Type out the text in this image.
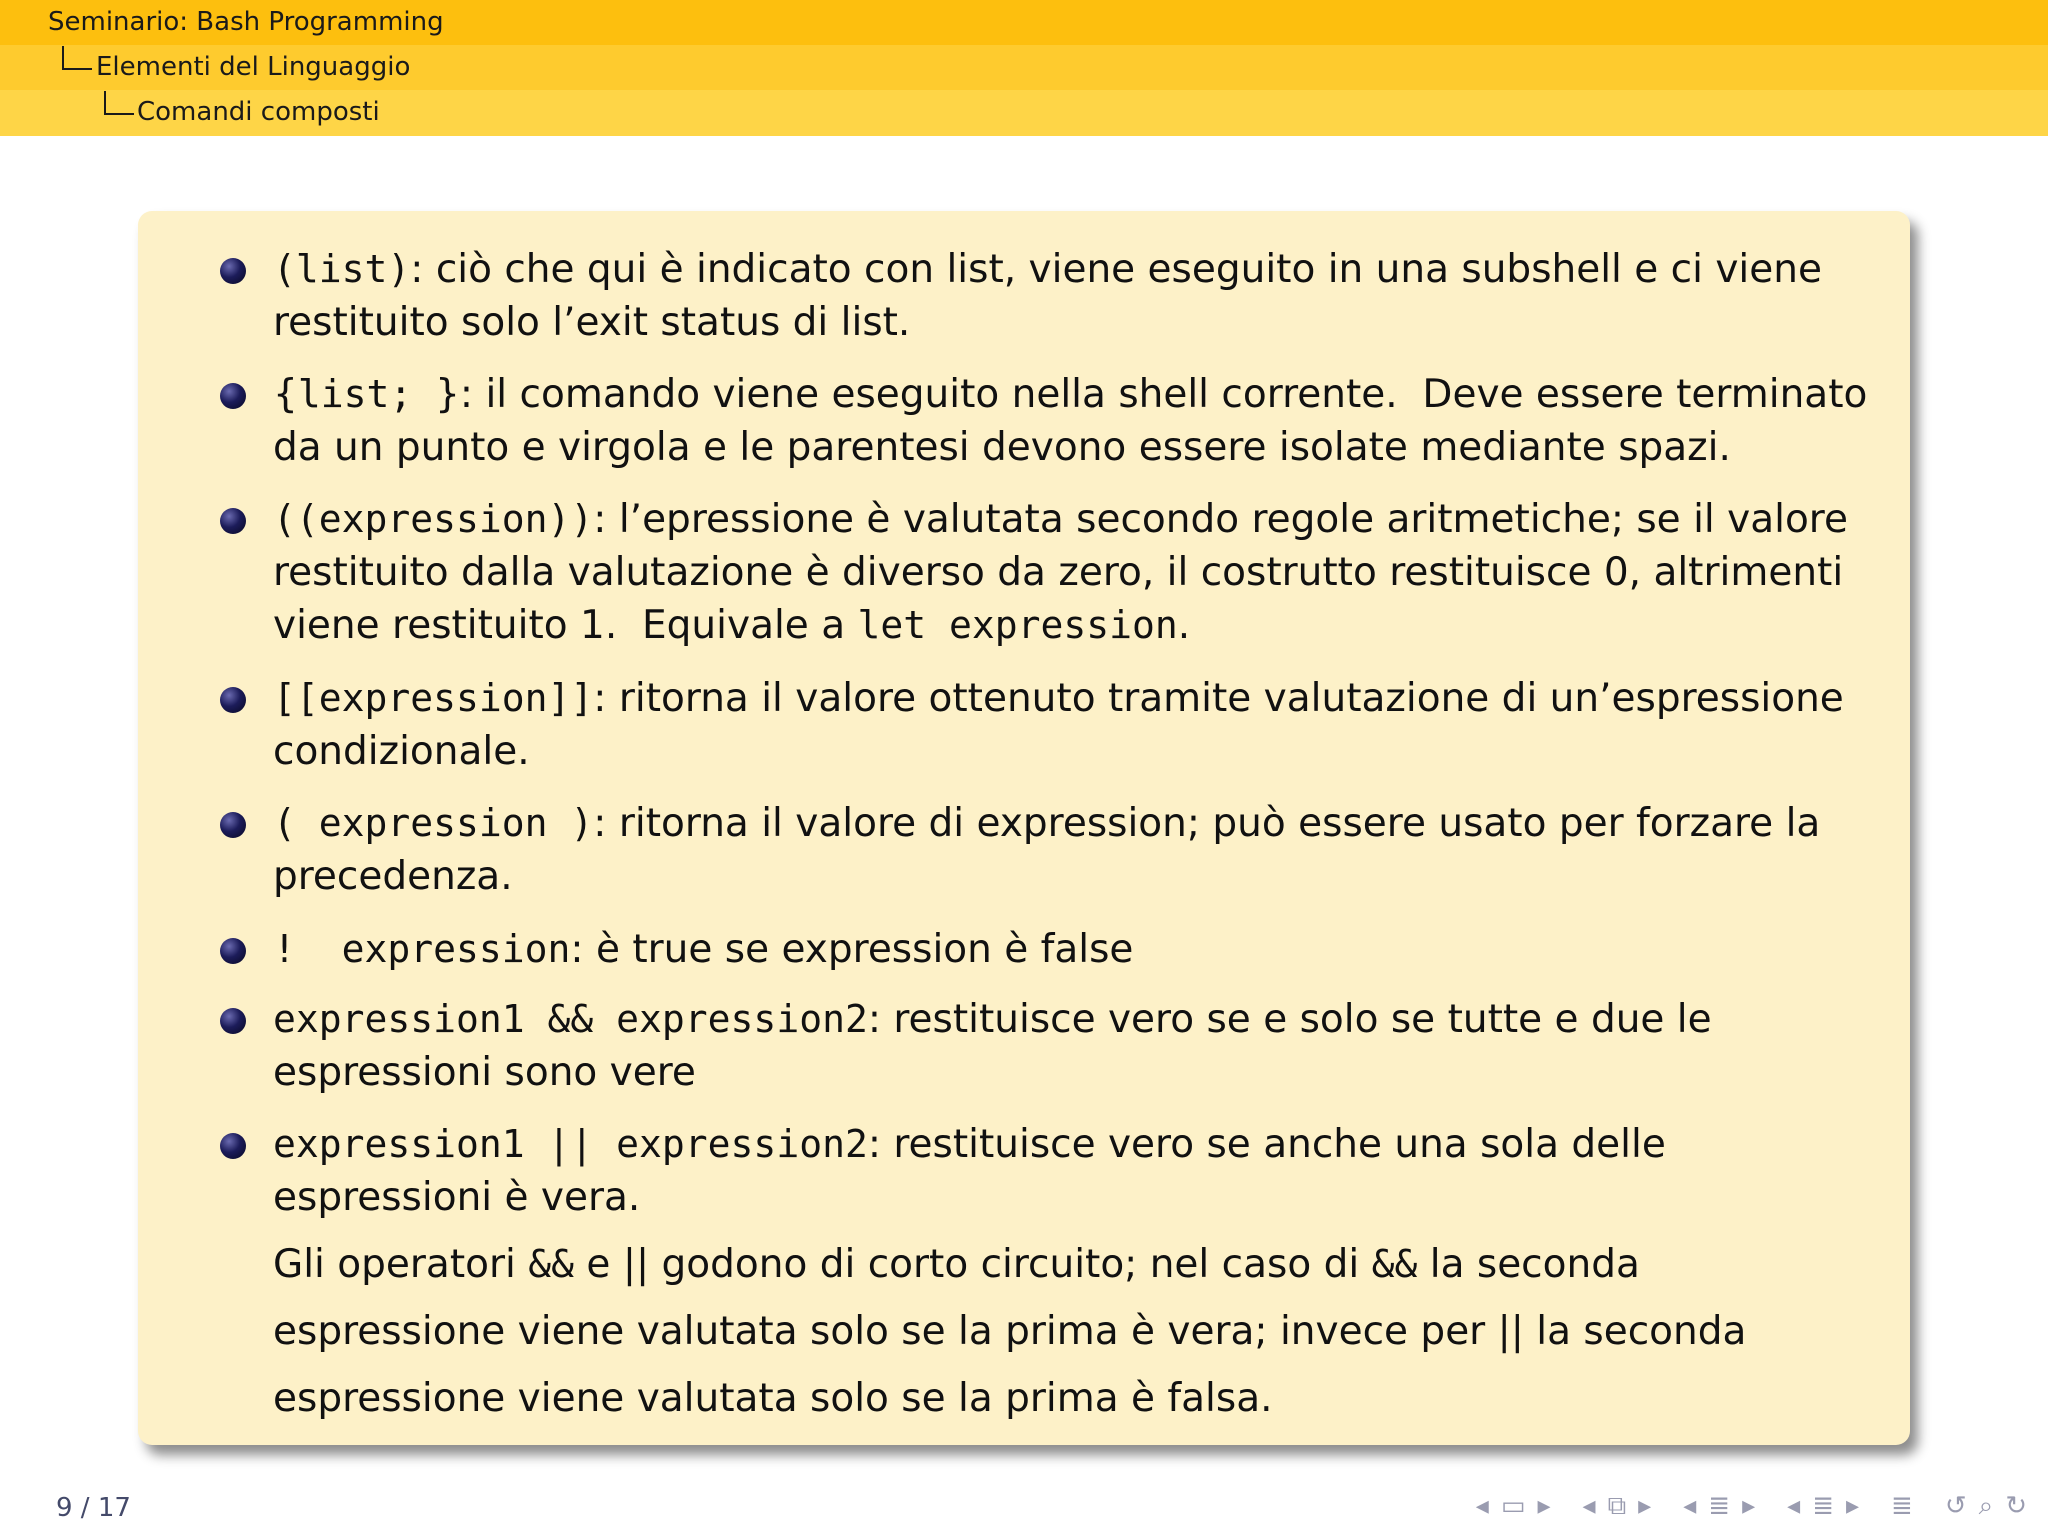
Seminario: Bash Programming
Elementi del Linguaggio
Comandi composti
(list): ciò che qui è indicato con list, viene eseguito in una subshell e ci viene
restituito solo l’exit status di list.
{list; }: il comando viene eseguito nella shell corrente.  Deve essere terminato
da un punto e virgola e le parentesi devono essere isolate mediante spazi.
((expression)): l’epressione è valutata secondo regole aritmetiche; se il valore
restituito dalla valutazione è diverso da zero, il costrutto restituisce 0, altrimenti
viene restituito 1.  Equivale a let expression.
[[expression]]: ritorna il valore ottenuto tramite valutazione di un’espressione
condizionale.
( expression ): ritorna il valore di expression; può essere usato per forzare la
precedenza.
!  expression: è true se expression è false
expression1 && expression2: restituisce vero se e solo se tutte e due le
espressioni sono vere
expression1 || expression2: restituisce vero se anche una sola delle
espressioni è vera.
Gli operatori && e || godono di corto circuito; nel caso di && la seconda
espressione viene valutata solo se la prima è vera; invece per || la seconda
espressione viene valutata solo se la prima è falsa.
9 / 17	◂ ▭ ▸ ◂ ⧉ ▸ ◂ ≣ ▸ ◂ ≣ ▸ ≣ ↺ ⌕ ↻
